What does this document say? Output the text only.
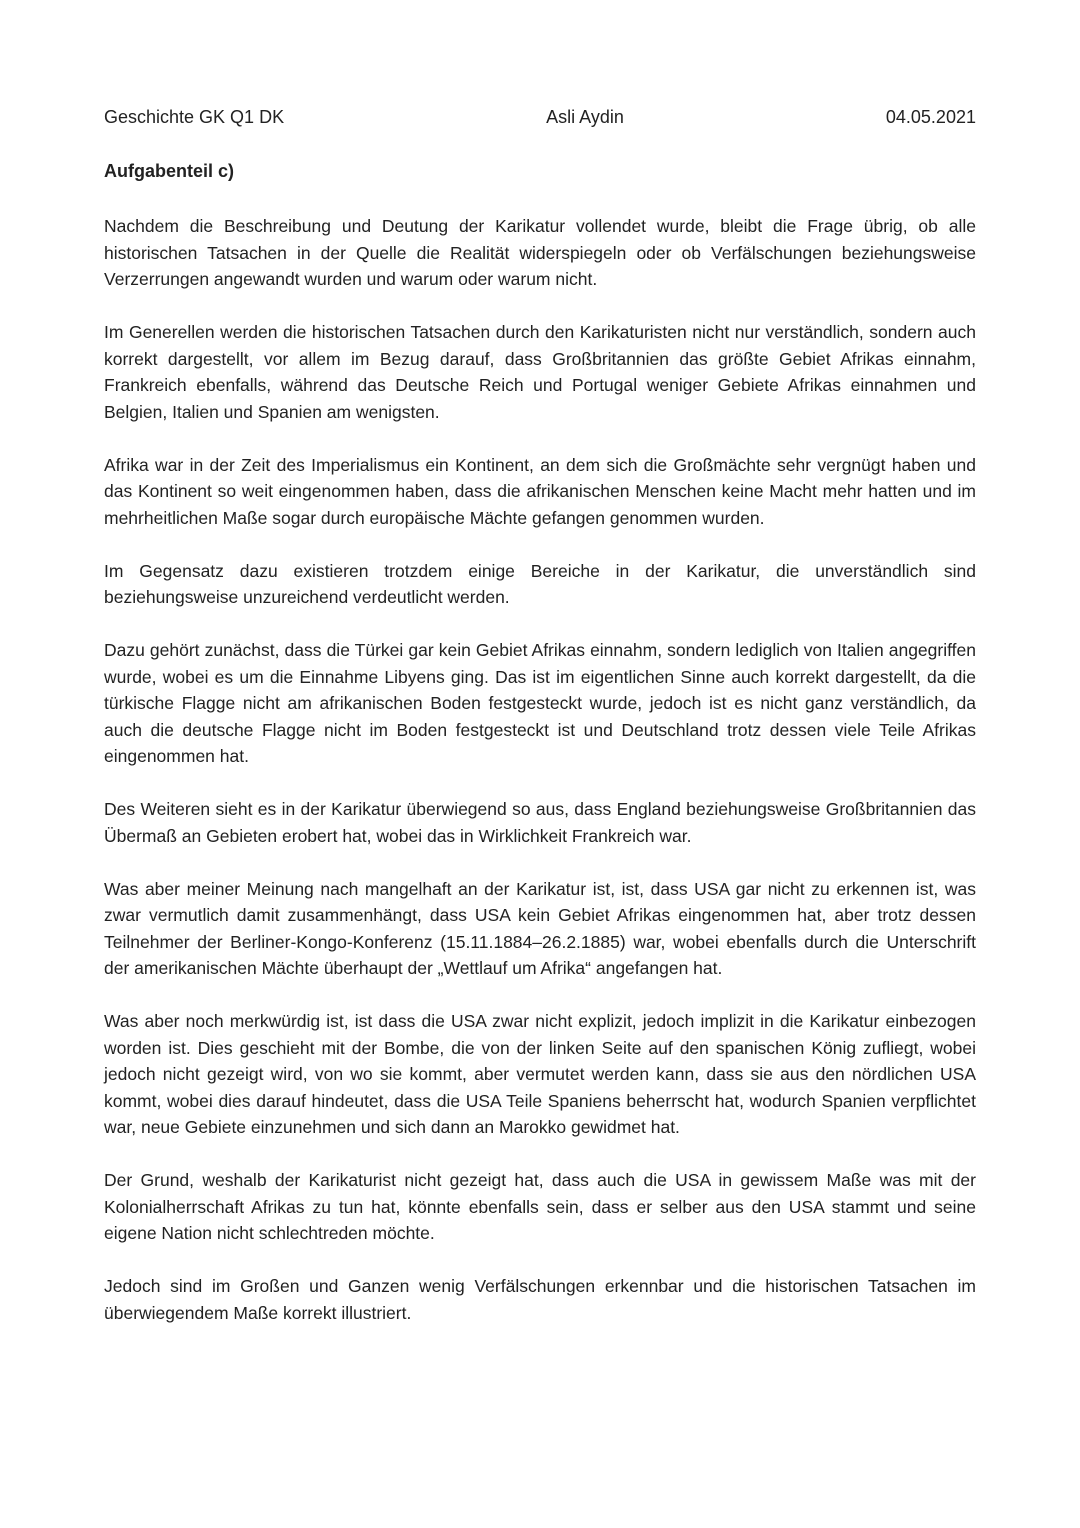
Geschichte GK Q1 DK	Asli Aydin	04.05.2021
Aufgabenteil c)

Nachdem die Beschreibung und Deutung der Karikatur vollendet wurde, bleibt die Frage übrig, ob alle historischen Tatsachen in der Quelle die Realität widerspiegeln oder ob Verfälschungen beziehungsweise Verzerrungen angewandt wurden und warum oder warum nicht.

Im Generellen werden die historischen Tatsachen durch den Karikaturisten nicht nur verständlich, sondern auch korrekt dargestellt, vor allem im Bezug darauf, dass Großbritannien das größte Gebiet Afrikas einnahm, Frankreich ebenfalls, während das Deutsche Reich und Portugal weniger Gebiete Afrikas einnahmen und Belgien, Italien und Spanien am wenigsten.

Afrika war in der Zeit des Imperialismus ein Kontinent, an dem sich die Großmächte sehr vergnügt haben und das Kontinent so weit eingenommen haben, dass die afrikanischen Menschen keine Macht mehr hatten und im mehrheitlichen Maße sogar durch europäische Mächte gefangen genommen wurden.

Im Gegensatz dazu existieren trotzdem einige Bereiche in der Karikatur, die unverständlich sind beziehungsweise unzureichend verdeutlicht werden.

Dazu gehört zunächst, dass die Türkei gar kein Gebiet Afrikas einnahm, sondern lediglich von Italien angegriffen wurde, wobei es um die Einnahme Libyens ging. Das ist im eigentlichen Sinne auch korrekt dargestellt, da die türkische Flagge nicht am afrikanischen Boden festgesteckt wurde, jedoch ist es nicht ganz verständlich, da auch die deutsche Flagge nicht im Boden festgesteckt ist und Deutschland trotz dessen viele Teile Afrikas eingenommen hat.

Des Weiteren sieht es in der Karikatur überwiegend so aus, dass England beziehungsweise Großbritannien das Übermaß an Gebieten erobert hat, wobei das in Wirklichkeit Frankreich war.

Was aber meiner Meinung nach mangelhaft an der Karikatur ist, ist, dass USA gar nicht zu erkennen ist, was zwar vermutlich damit zusammenhängt, dass USA kein Gebiet Afrikas eingenommen hat, aber trotz dessen Teilnehmer der Berliner-Kongo-Konferenz (15.11.1884–26.2.1885) war, wobei ebenfalls durch die Unterschrift der amerikanischen Mächte überhaupt der „Wettlauf um Afrika“ angefangen hat.

Was aber noch merkwürdig ist, ist dass die USA zwar nicht explizit, jedoch implizit in die Karikatur einbezogen worden ist. Dies geschieht mit der Bombe, die von der linken Seite auf den spanischen König zufliegt, wobei jedoch nicht gezeigt wird, von wo sie kommt, aber vermutet werden kann, dass sie aus den nördlichen USA kommt, wobei dies darauf hindeutet, dass die USA Teile Spaniens beherrscht hat, wodurch Spanien verpflichtet war, neue Gebiete einzunehmen und sich dann an Marokko gewidmet hat.

Der Grund, weshalb der Karikaturist nicht gezeigt hat, dass auch die USA in gewissem Maße was mit der Kolonialherrschaft Afrikas zu tun hat, könnte ebenfalls sein, dass er selber aus den USA stammt und seine eigene Nation nicht schlechtreden möchte.

Jedoch sind im Großen und Ganzen wenig Verfälschungen erkennbar und die historischen Tatsachen im überwiegendem Maße korrekt illustriert.
